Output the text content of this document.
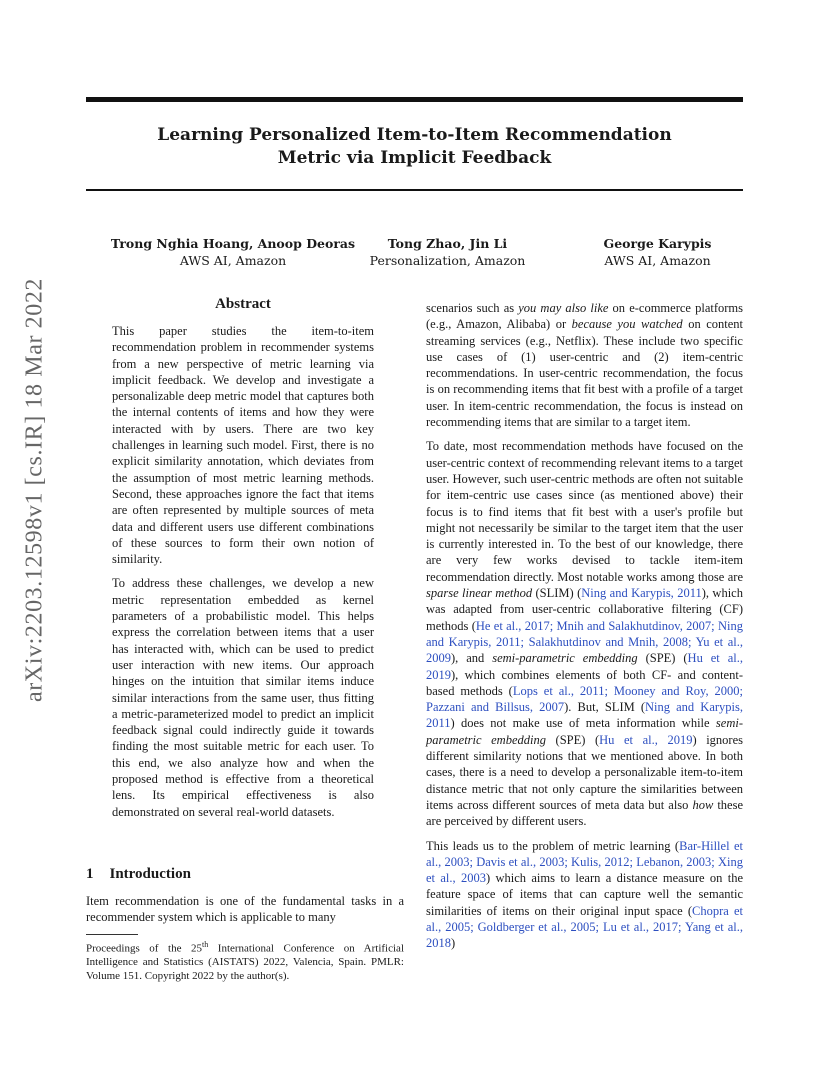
arXiv:2203.12598v1 [cs.IR] 18 Mar 2022
Learning Personalized Item-to-Item Recommendation
Metric via Implicit Feedback
Trong Nghia Hoang, Anoop Deoras
AWS AI, Amazon
Tong Zhao, Jin Li
Personalization, Amazon
George Karypis
AWS AI, Amazon
Abstract

This paper studies the item-to-item recommendation problem in recommender systems from a new perspective of metric learning via implicit feedback. We develop and investigate a personalizable deep metric model that captures both the internal contents of items and how they were interacted with by users. There are two key challenges in learning such model. First, there is no explicit similarity annotation, which deviates from the assumption of most metric learning methods. Second, these approaches ignore the fact that items are often represented by multiple sources of meta data and different users use different combinations of these sources to form their own notion of similarity.

To address these challenges, we develop a new metric representation embedded as kernel parameters of a probabilistic model. This helps express the correlation between items that a user has interacted with, which can be used to predict user interaction with new items. Our approach hinges on the intuition that similar items induce similar interactions from the same user, thus fitting a metric-parameterized model to predict an implicit feedback signal could indirectly guide it towards finding the most suitable metric for each user. To this end, we also analyze how and when the proposed method is effective from a theoretical lens. Its empirical effectiveness is also demonstrated on several real-world datasets.

1 Introduction
Item recommendation is one of the fundamental tasks in a recommender system which is applicable to many
Proceedings of the 25th International Conference on Artificial Intelligence and Statistics (AISTATS) 2022, Valencia, Spain. PMLR: Volume 151. Copyright 2022 by the author(s).

scenarios such as you may also like on e-commerce platforms (e.g., Amazon, Alibaba) or because you watched on content streaming services (e.g., Netflix). These include two specific use cases of (1) user-centric and (2) item-centric recommendations. In user-centric recommendation, the focus is on recommending items that fit best with a profile of a target user. In item-centric recommendation, the focus is instead on recommending items that are similar to a target item.

To date, most recommendation methods have focused on the user-centric context of recommending relevant items to a target user. However, such user-centric methods are often not suitable for item-centric use cases since (as mentioned above) their focus is to find items that fit best with a user's profile but might not necessarily be similar to the target item that the user is currently interested in. To the best of our knowledge, there are very few works devised to tackle item-item recommendation directly. Most notable works among those are sparse linear method (SLIM) (Ning and Karypis, 2011), which was adapted from user-centric collaborative filtering (CF) methods (He et al., 2017; Mnih and Salakhutdinov, 2007; Ning and Karypis, 2011; Salakhutdinov and Mnih, 2008; Yu et al., 2009), and semi-parametric embedding (SPE) (Hu et al., 2019), which combines elements of both CF- and content-based methods (Lops et al., 2011; Mooney and Roy, 2000; Pazzani and Billsus, 2007). But, SLIM (Ning and Karypis, 2011) does not make use of meta information while semi-parametric embedding (SPE) (Hu et al., 2019) ignores different similarity notions that we mentioned above. In both cases, there is a need to develop a personalizable item-to-item distance metric that not only capture the similarities between items across different sources of meta data but also how these are perceived by different users.

This leads us to the problem of metric learning (Bar-Hillel et al., 2003; Davis et al., 2003; Kulis, 2012; Lebanon, 2003; Xing et al., 2003) which aims to learn a distance measure on the feature space of items that can capture well the semantic similarities of items on their original input space (Chopra et al., 2005; Goldberger et al., 2005; Lu et al., 2017; Yang et al., 2018)
